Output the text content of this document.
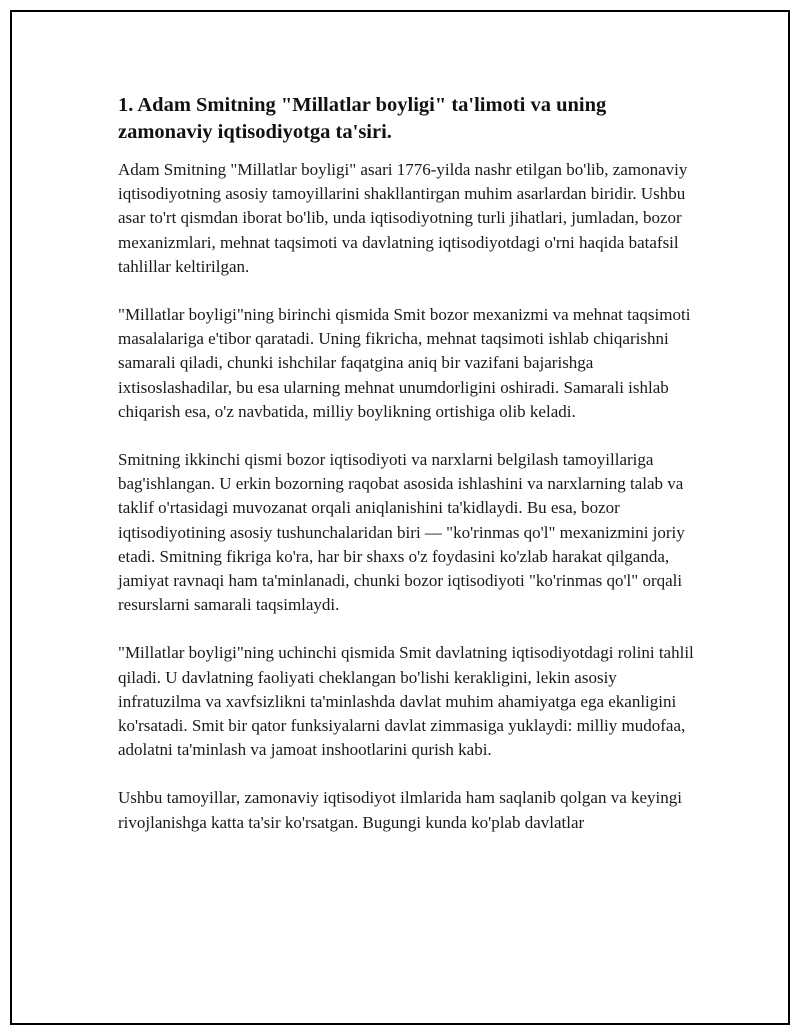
1. Adam Smitning "Millatlar boyligi" ta'limoti va uning zamonaviy iqtisodiyotga ta'siri.

Adam Smitning "Millatlar boyligi" asari 1776-yilda nashr etilgan bo'lib, zamonaviy iqtisodiyotning asosiy tamoyillarini shakllantirgan muhim asarlardan biridir. Ushbu asar to'rt qismdan iborat bo'lib, unda iqtisodiyotning turli jihatlari, jumladan, bozor mexanizmlari, mehnat taqsimoti va davlatning iqtisodiyotdagi o'rni haqida batafsil tahlillar keltirilgan.

"Millatlar boyligi"ning birinchi qismida Smit bozor mexanizmi va mehnat taqsimoti masalalariga e'tibor qaratadi. Uning fikricha, mehnat taqsimoti ishlab chiqarishni samarali qiladi, chunki ishchilar faqatgina aniq bir vazifani bajarishga ixtisoslashadilar, bu esa ularning mehnat unumdorligini oshiradi. Samarali ishlab chiqarish esa, o'z navbatida, milliy boylikning ortishiga olib keladi.

Smitning ikkinchi qismi bozor iqtisodiyoti va narxlarni belgilash tamoyillariga bag'ishlangan. U erkin bozorning raqobat asosida ishlashini va narxlarning talab va taklif o'rtasidagi muvozanat orqali aniqlanishini ta'kidlaydi. Bu esa, bozor iqtisodiyotining asosiy tushunchalaridan biri — "ko'rinmas qo'l" mexanizmini joriy etadi. Smitning fikriga ko'ra, har bir shaxs o'z foydasini ko'zlab harakat qilganda, jamiyat ravnaqi ham ta'minlanadi, chunki bozor iqtisodiyoti "ko'rinmas qo'l" orqali resurslarni samarali taqsimlaydi.

"Millatlar boyligi"ning uchinchi qismida Smit davlatning iqtisodiyotdagi rolini tahlil qiladi. U davlatning faoliyati cheklangan bo'lishi kerakligini, lekin asosiy infratuzilma va xavfsizlikni ta'minlashda davlat muhim ahamiyatga ega ekanligini ko'rsatadi. Smit bir qator funksiyalarni davlat zimmasiga yuklaydi: milliy mudofaa, adolatni ta'minlash va jamoat inshootlarini qurish kabi.

Ushbu tamoyillar, zamonaviy iqtisodiyot ilmlarida ham saqlanib qolgan va keyingi rivojlanishga katta ta'sir ko'rsatgan. Bugungi kunda ko'plab davlatlar
